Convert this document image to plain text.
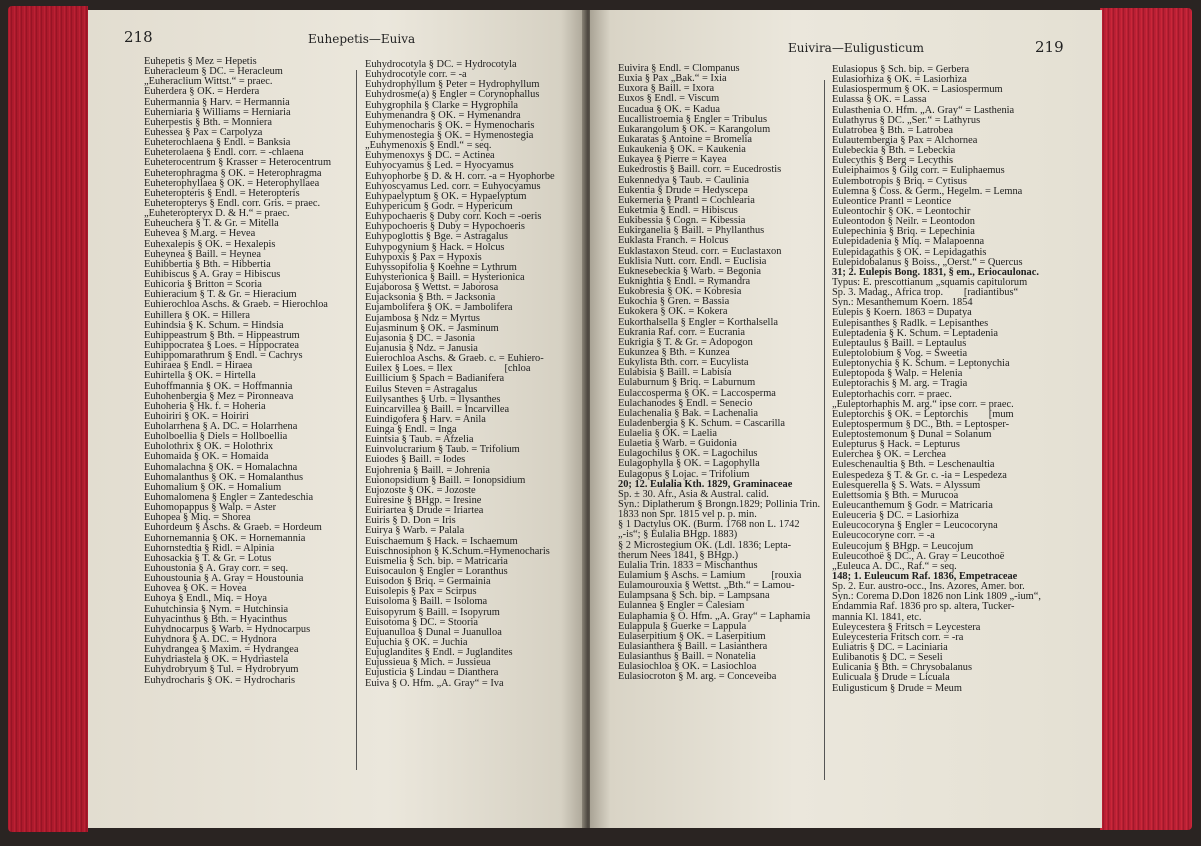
218	Euhepetis—Euiva
Euhepetis § Mez = Hepetis
Euheracleum § DC. = Heracleum
„Euheraclium Wittst.“ = praec.
Euherdera § OK. = Herdera
Euhermannia § Harv. = Hermannia
Euherniaria § Williams = Herniaria
Euherpestis § Bth. = Monniera
Euhessea § Pax = Carpolyza
Euheterochlaena § Endl. = Banksia
Euheterolaena § Endl. corr. = -chlaena
Euheterocentrum § Krasser = Heterocentrum
Euheterophragma § OK. = Heterophragma
Euheterophyllaea § OK. = Heterophyllaea
Euheteropteris § Endl. = Heteropteris
Euheteropterys § Endl. corr. Gris. = praec.
„Euheteropteryx D. & H.“ = praec.
Euheuchera § T. & Gr. = Mitella
Euhevea § M.arg. = Hevea
Euhexalepis § OK. = Hexalepis
Euheynea § Baill. = Heynea
Euhibbertia § Bth. = Hibbertia
Euhibiscus § A. Gray = Hibiscus
Euhicoria § Britton = Scoria
Euhieracium § T. & Gr. = Hieracium
Euhierochloa Aschs. & Graeb. = Hierochloa
Euhillera § OK. = Hillera
Euhindsia § K. Schum. = Hindsia
Euhippeastrum § Bth. = Hippeastrum
Euhippocratea § Loes. = Hippocratea
Euhippomarathrum § Endl. = Cachrys
Euhiraea § Endl. = Hiraea
Euhirtella § OK. = Hirtella
Euhoffmannia § OK. = Hoffmannia
Euhohenbergia § Mez = Pironneava
Euhoheria § Hk. f. = Hoheria
Euhoiriri § OK. = Hoiriri
Euholarrhena § A. DC. = Holarrhena
Euholboellia § Diels = Hollboellia
Euholothrix § OK. = Holothrix
Euhomaida § OK. = Homaida
Euhomalachna § OK. = Homalachna
Euhomalanthus § OK. = Homalanthus
Euhomalium § OK. = Homalium
Euhomalomena § Engler = Zantedeschia
Euhomopappus § Walp. = Aster
Euhopea § Miq. = Shorea
Euhordeum § Aschs. & Graeb. = Hordeum
Euhornemannia § OK. = Hornemannia
Euhornstedtia § Ridl. = Alpinia
Euhosackia § T. & Gr. = Lotus
Euhoustonia § A. Gray corr. = seq.
Euhoustounia § A. Gray = Houstounia
Euhovea § OK. = Hovea
Euhoya § Endl., Miq. = Hoya
Euhutchinsia § Nym. = Hutchinsia
Euhyacinthus § Bth. = Hyacinthus
Euhydnocarpus § Warb. = Hydnocarpus
Euhydnora § A. DC. = Hydnora
Euhydrangea § Maxim. = Hydrangea
Euhydriastela § OK. = Hydriastela
Euhydrobryum § Tul. = Hydrobryum
Euhydrocharis § OK. = Hydrocharis
Euhydrocotyla § DC. = Hydrocotyla
Euhydrocotyle corr. = -a
Euhydrophyllum § Peter = Hydrophyllum
Euhydrosme(a) § Engler = Corynophallus
Euhygrophila § Clarke = Hygrophila
Euhymenandra § OK. = Hymenandra
Euhymenocharis § OK. = Hymenocharis
Euhymenostegia § OK. = Hymenostegia
„Euhymenoxis § Endl.“ = seq.
Euhymenoxys § DC. = Actinea
Euhyocyamus § Led. = Hyocyamus
Euhyophorbe § D. & H. corr. -a = Hyophorbe
Euhyoscyamus Led. corr. = Euhyocyamus
Euhypaelyptum § OK. = Hypaelyptum
Euhypericum § Godr. = Hypericum
Euhypochaeris § Duby corr. Koch = -oeris
Euhypochoeris § Duby = Hypochoeris
Euhypoglottis § Bge. = Astragalus
Euhypogynium § Hack. = Holcus
Euhypoxis § Pax = Hypoxis
Euhyssopifolia § Koehne = Lythrum
Euhysterionica § Baill. = Hysterionica
Eujaborosa § Wettst. = Jaborosa
Eujacksonia § Bth. = Jacksonia
Eujambolifera § OK. = Jambolifera
Eujambosa § Ndz = Myrtus
Eujasminum § OK. = Jasminum
Eujasonia § DC. = Jasonia
Eujanusia § Ndz. = Janusia
Euierochloa Aschs. & Graeb. c. = Euhiero-
Euilex § Loes. = Ilex                    [chloa
Euillicium § Spach = Badianifera
Euilus Steven = Astragalus
Euilysanthes § Urb. = Ilysanthes
Euincarvillea § Baill. = Incarvillea
Euindigofera § Harv. = Anila
Euinga § Endl. = Inga
Euintsia § Taub. = Afzelia
Euinvolucrarium § Taub. = Trifolium
Euiodes § Baill. = Iodes
Eujohrenia § Baill. = Johrenia
Euionopsidium § Baill. = Ionopsidium
Eujozoste § OK. = Jozoste
Euiresine § BHgp. = Iresine
Euiriartea § Drude = Iriartea
Euiris § D. Don = Iris
Euirya § Warb. = Palala
Euischaemum § Hack. = Ischaemum
Euischnosiphon § K.Schum.=Hymenocharis
Euismelia § Sch. bip. = Matricaria
Euisocaulon § Engler = Loranthus
Euisodon § Briq. = Germainia
Euisolepis § Pax = Scirpus
Euisoloma § Baill. = Isoloma
Euisopyrum § Baill. = Isopyrum
Euisotoma § DC. = Stooria
Eujuanulloa § Dunal = Juanulloa
Eujuchia § OK. = Juchia
Eujuglandites § Endl. = Juglandites
Eujussieua § Mich. = Jussieua
Eujusticia § Lindau = Dianthera
Euiva § O. Hfm. „A. Gray“ = Iva
219
Euivira—Euligusticum
Euivira § Endl. = Clompanus
Euxia § Pax „Bak.“ = Ixia
Euxora § Baill. = Ixora
Euxos § Endl. = Viscum
Eucadua § OK. = Kadua
Eucallistroemia § Engler = Tribulus
Eukarangolum § OK. = Karangolum
Eukaratas § Antoine = Bromelia
Eukaukenia § OK. = Kaukenia
Eukayea § Pierre = Kayea
Eukedrostis § Baill. corr. = Eucedrostis
Eukennedya § Taub. = Caulinia
Eukentia § Drude = Hedyscepa
Eukerneria § Prantl = Cochlearia
Euketmia § Endl. = Hibiscus
Eukibessia § Cogn. = Kibessia
Eukirganelia § Baill. = Phyllanthus
Euklasta Franch. = Holcus
Euklastaxon Steud. corr. = Euclastaxon
Euklisia Nutt. corr. Endl. = Euclisia
Euknesebeckia § Warb. = Begonia
Euknightia § Endl. = Rymandra
Eukobresia § OK. = Kobresia
Eukochia § Gren. = Bassia
Eukokera § OK. = Kokera
Eukorthalsella § Engler = Korthalsella
Eukrania Raf. corr. = Eucrania
Eukrigia § T. & Gr. = Adopogon
Eukunzea § Bth. = Kunzea
Eukylista Bth. corr. = Eucylista
Eulabisia § Baill. = Labisia
Eulaburnum § Briq. = Laburnum
Eulaccosperma § OK. = Laccosperma
Eulachanodes § Endl. = Senecio
Eulachenalia § Bak. = Lachenalia
Euladenbergia § K. Schum. = Cascarilla
Eulaelia § OK. = Laelia
Eulaetia § Warb. = Guidonia
Eulagochilus § OK. = Lagochilus
Eulagophylla § OK. = Lagophylla
Eulagopus § Lojac. = Trifolium
20; 12. Eulalia Kth. 1829, Graminaceae
Sp. ± 30. Afr., Asia & Austral. calid.
Syn.: Diplatherum § Brongn.1829; Pollinia Trin.
1833 non Spr. 1815 vel p. p. min.
§ 1 Dactylus OK. (Burm. 1768 non L. 1742
„-is“; § Eulalia BHgp. 1883)
§ 2 Microstegium OK. (Ldl. 1836; Lepta-
therum Nees 1841, § BHgp.)
Eulalia Trin. 1833 = Mischanthus
Eulamium § Aschs. = Lamium          [rouxia
Eulamourouxia § Wettst. „Bth.“ = Lamou-
Eulampsana § Sch. bip. = Lampsana
Eulannea § Engler = Calesiam
Eulaphamia § O. Hfm. „A. Gray“ = Laphamia
Eulappula § Guerke = Lappula
Eulaserpitium § OK. = Laserpitium
Eulasianthera § Baill. = Lasianthera
Eulasianthus § Baill. = Nonatelia
Eulasiochloa § OK. = Lasiochloa
Eulasiocroton § M. arg. = Conceveiba
Eulasiopus § Sch. bip. = Gerbera
Eulasiorhiza § OK. = Lasiorhiza
Eulasiospermum § OK. = Lasiospermum
Eulassa § OK. = Lassa
Eulasthenia O. Hfm. „A. Gray“ = Lasthenia
Eulathyrus § DC. „Ser.“ = Lathyrus
Eulatrobea § Bth. = Latrobea
Eulautembergia § Pax = Alchornea
Eulebeckia § Bth. = Lebeckia
Eulecythis § Berg = Lecythis
Euleiphaimos § Gilg corr. = Euliphaemus
Eulembotropis § Briq. = Cytisus
Eulemna § Coss. & Germ., Hegelm. = Lemna
Euleontice Prantl = Leontice
Euleontochir § OK. = Leontochir
Euleontodon § Neilr. = Leontodon
Eulepechinia § Briq. = Lepechinia
Eulepidadenia § Miq. = Malapoenna
Eulepidagathis § OK. = Lepidagathis
Eulepidobalanus § Boiss., „Oerst.“ = Quercus
31; 2. Eulepis Bong. 1831, § em., Eriocaulonac.
Typus: E. prescottianum „squamis capitulorum
Sp. 3. Madag., Africa trop.        [radiantibus“
Syn.: Mesanthemum Koern. 1854
Eulepis § Koern. 1863 = Dupatya
Eulepisanthes § Radlk. = Lepisanthes
Euleptadenia § K. Schum. = Leptadenia
Euleptaulus § Baill. = Leptaulus
Euleptolobium § Vog. = Sweetia
Euleptonychia § K. Schum. = Leptonychia
Euleptopoda § Walp. = Helenia
Euleptorachis § M. arg. = Tragia
Euleptorhachis corr. = praec.
„Euleptorhaphis M. arg.“ ipse corr. = praec.
Euleptorchis § OK. = Leptorchis        [mum
Euleptospermum § DC., Bth. = Leptosper-
Euleptostemonum § Dunal = Solanum
Eulepturus § Hack. = Lepturus
Eulerchea § OK. = Lerchea
Euleschenaultia § Bth. = Leschenaultia
Eulespedeza § T. & Gr. c. -ia = Lespedeza
Eulesquerella § S. Wats. = Alyssum
Eulettsomia § Bth. = Murucoa
Euleucanthemum § Godr. = Matricaria
Euleuceria § DC. = Lasiorhiza
Euleucocoryna § Engler = Leucocoryna
Euleucocoryne corr. = -a
Euleucojum § BHgp. = Leucojum
Euleucothoë § DC., A. Gray = Leucothoë
„Euleuca A. DC., Raf.“ = seq.
148; 1. Euleucum Raf. 1836, Empetraceae
Sp. 2. Eur. austro-occ., Ins. Azores, Amer. bor.
Syn.: Corema D.Don 1826 non Link 1809 „-ium“,
Endammia Raf. 1836 pro sp. altera, Tucker-
mannia Kl. 1841, etc.
Euleycestera § Fritsch = Leycestera
Euleycesteria Fritsch corr. = -ra
Euliatris § DC. = Laciniaria
Eulibanotis § DC. = Seseli
Eulicania § Bth. = Chrysobalanus
Eulicuala § Drude = Licuala
Euligusticum § Drude = Meum
